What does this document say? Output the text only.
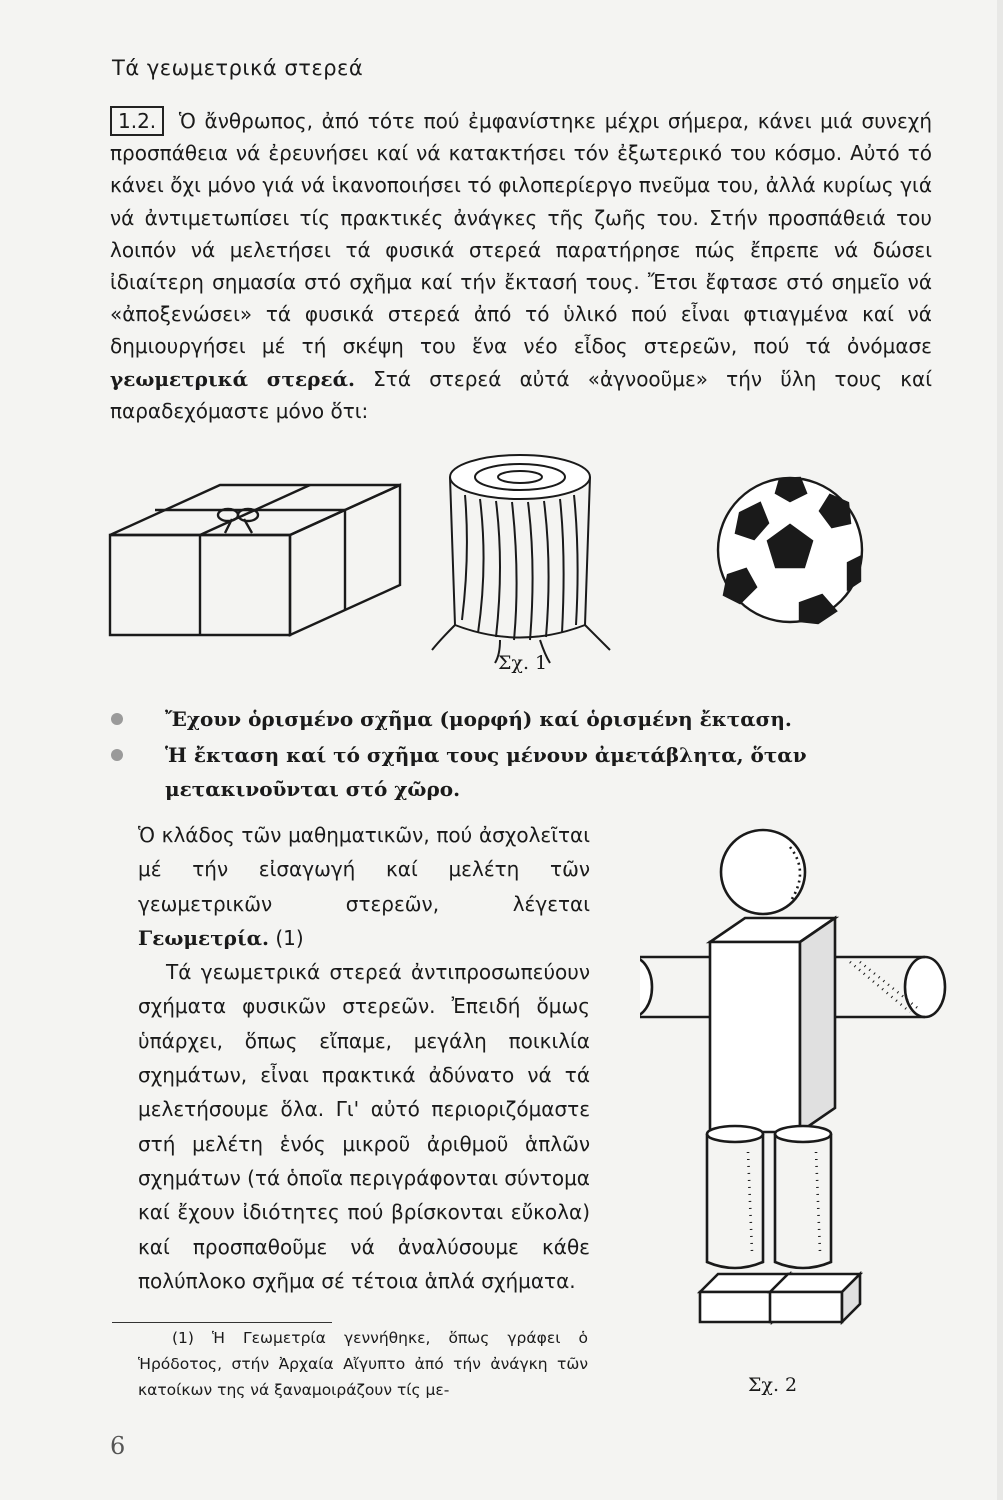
Τά γεωμετρικά στερεά
1.2. Ὁ ἄνθρωπος, ἀπό τότε πού ἐμφανίστηκε μέχρι σήμερα, κάνει μιά συνεχή προσπάθεια νά ἐρευνήσει καί νά κατακτήσει τόν ἐξωτερικό του κόσμο. Αὐτό τό κάνει ὄχι μόνο γιά νά ἱκανοποιήσει τό φιλοπερίεργο πνεῦμα του, ἀλλά κυρίως γιά νά ἀντιμετωπίσει τίς πρακτικές ἀνάγκες τῆς ζωῆς του. Στήν προσπάθειά του λοιπόν νά μελετήσει τά φυσικά στερεά παρατήρησε πώς ἔπρεπε νά δώσει ἰδιαίτερη σημασία στό σχῆμα καί τήν ἔκτασή τους. Ἔτσι ἔφτασε στό σημεῖο νά «ἀποξενώσει» τά φυσικά στερεά ἀπό τό ὑλικό πού εἶναι φτιαγμένα καί νά δημιουργήσει μέ τή σκέψη του ἕνα νέο εἶδος στερεῶν, πού τά ὀνόμασε γεωμετρικά στερεά. Στά στερεά αὐτά «ἀγνοοῦμε» τήν ὕλη τους καί παραδεχόμαστε μόνο ὅτι:
Σχ. 1
Ἔχουν ὁρισμένο σχῆμα (μορφή) καί ὁρισμένη ἔκταση.
Ἡ ἔκταση καί τό σχῆμα τους μένουν ἀμετάβλητα, ὅταν μετακινοῦνται στό χῶρο.

Ὁ κλάδος τῶν μαθηματικῶν, πού ἀσχολεῖται μέ τήν εἰσαγωγή καί μελέτη τῶν γεωμετρικῶν στερεῶν, λέγεται Γεωμετρία. (1)

Τά γεωμετρικά στερεά ἀντιπροσωπεύουν σχήματα φυσικῶν στερεῶν. Ἐπειδή ὅμως ὑπάρχει, ὅπως εἴπαμε, μεγάλη ποικιλία σχημάτων, εἶναι πρακτικά ἀδύνατο νά τά μελετήσουμε ὅλα. Γι' αὐτό περιοριζόμαστε στή μελέτη ἑνός μικροῦ ἀριθμοῦ ἁπλῶν σχημάτων (τά ὁποῖα περιγράφονται σύντομα καί ἔχουν ἰδιότητες πού βρίσκονται εὔκολα) καί προσπαθοῦμε νά ἀναλύσουμε κάθε πολύπλοκο σχῆμα σέ τέτοια ἁπλά σχήματα.

(1) Ἡ Γεωμετρία γεννήθηκε, ὅπως γράφει ὁ Ἡρόδοτος, στήν Ἀρχαία Αἴγυπτο ἀπό τήν ἀνάγκη τῶν κατοίκων της νά ξαναμοιράζουν τίς με-	Σχ. 2
6
